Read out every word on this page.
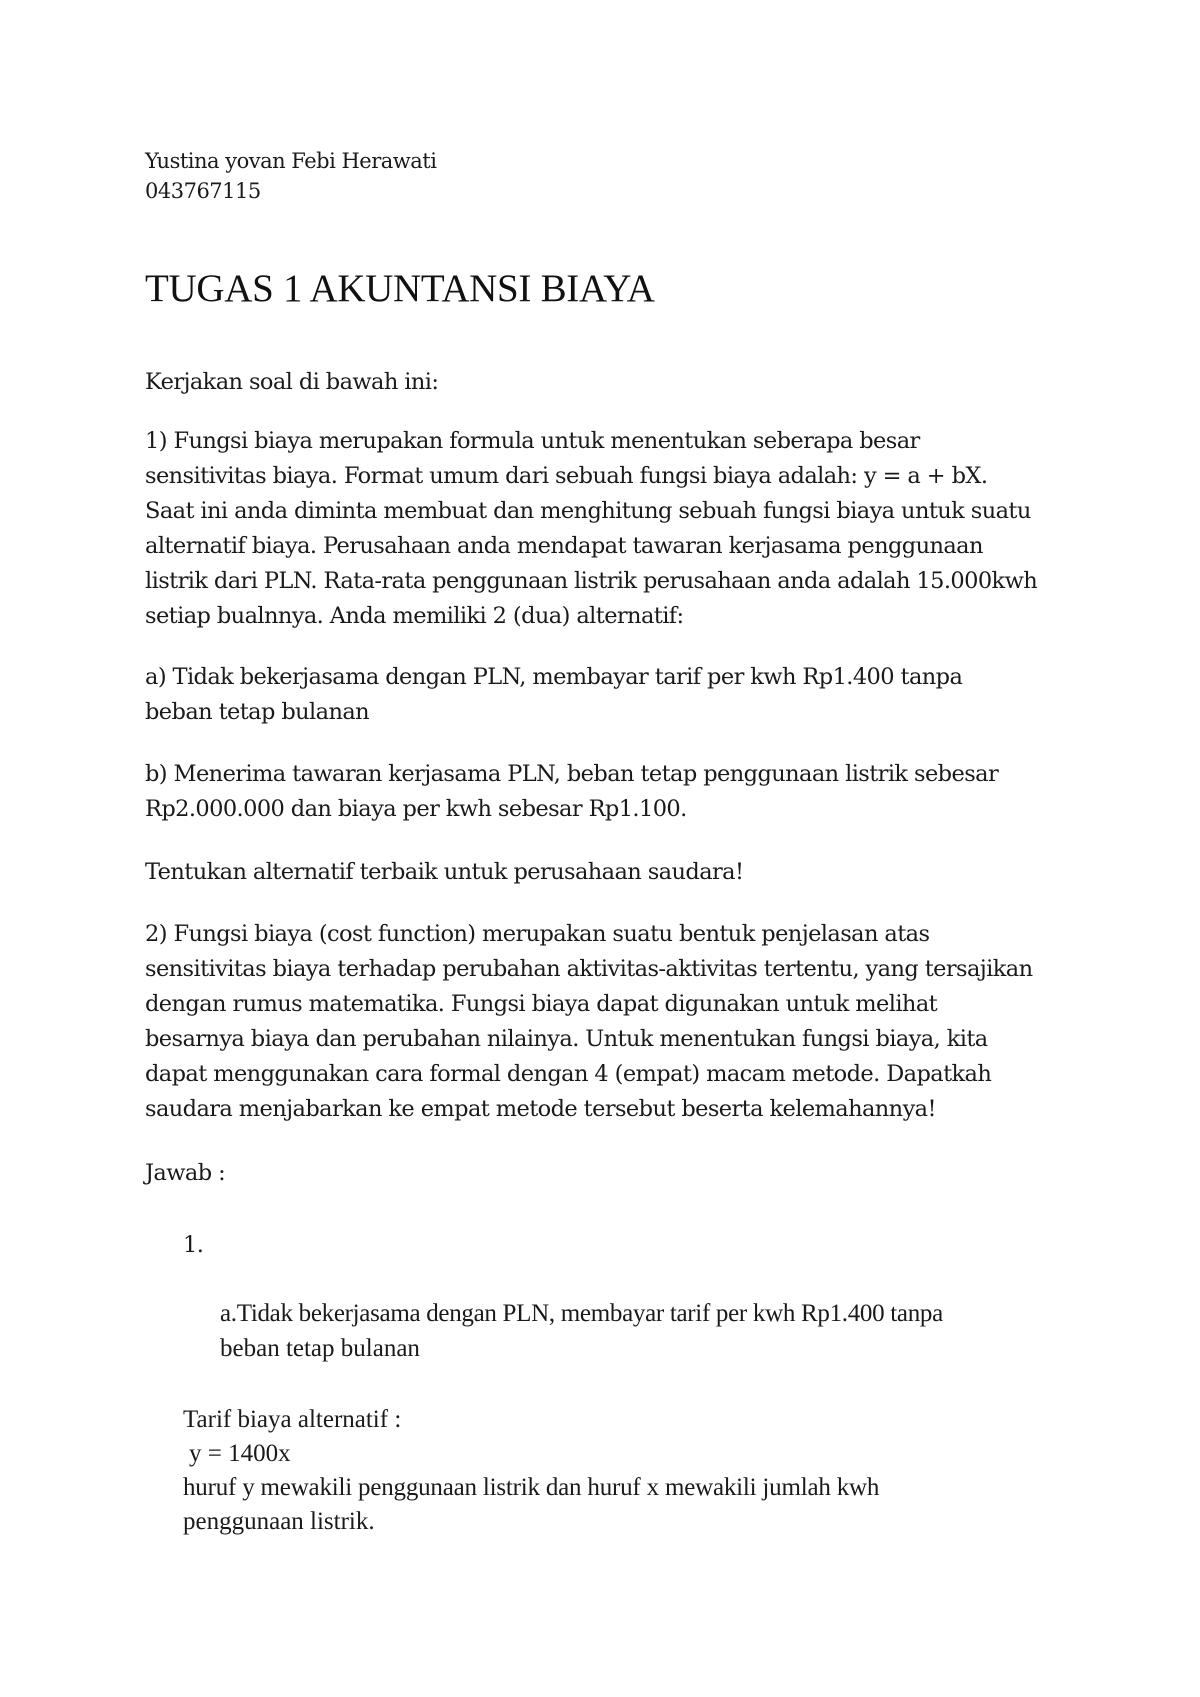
Yustina yovan Febi Herawati
043767115
TUGAS 1 AKUNTANSI BIAYA
Kerjakan soal di bawah ini:
1) Fungsi biaya merupakan formula untuk menentukan seberapa besar
sensitivitas biaya. Format umum dari sebuah fungsi biaya adalah: y = a + bX.
Saat ini anda diminta membuat dan menghitung sebuah fungsi biaya untuk suatu
alternatif biaya. Perusahaan anda mendapat tawaran kerjasama penggunaan
listrik dari PLN. Rata-rata penggunaan listrik perusahaan anda adalah 15.000kwh
setiap bualnnya. Anda memiliki 2 (dua) alternatif:
a) Tidak bekerjasama dengan PLN, membayar tarif per kwh Rp1.400 tanpa
beban tetap bulanan
b) Menerima tawaran kerjasama PLN, beban tetap penggunaan listrik sebesar
Rp2.000.000 dan biaya per kwh sebesar Rp1.100.
Tentukan alternatif terbaik untuk perusahaan saudara!
2) Fungsi biaya (cost function) merupakan suatu bentuk penjelasan atas
sensitivitas biaya terhadap perubahan aktivitas-aktivitas tertentu, yang tersajikan
dengan rumus matematika. Fungsi biaya dapat digunakan untuk melihat
besarnya biaya dan perubahan nilainya. Untuk menentukan fungsi biaya, kita
dapat menggunakan cara formal dengan 4 (empat) macam metode. Dapatkah
saudara menjabarkan ke empat metode tersebut beserta kelemahannya!
Jawab :
1.
a.Tidak bekerjasama dengan PLN, membayar tarif per kwh Rp1.400 tanpa
beban tetap bulanan
Tarif biaya alternatif :
y = 1400x
huruf y mewakili penggunaan listrik dan huruf x mewakili jumlah kwh
penggunaan listrik.
